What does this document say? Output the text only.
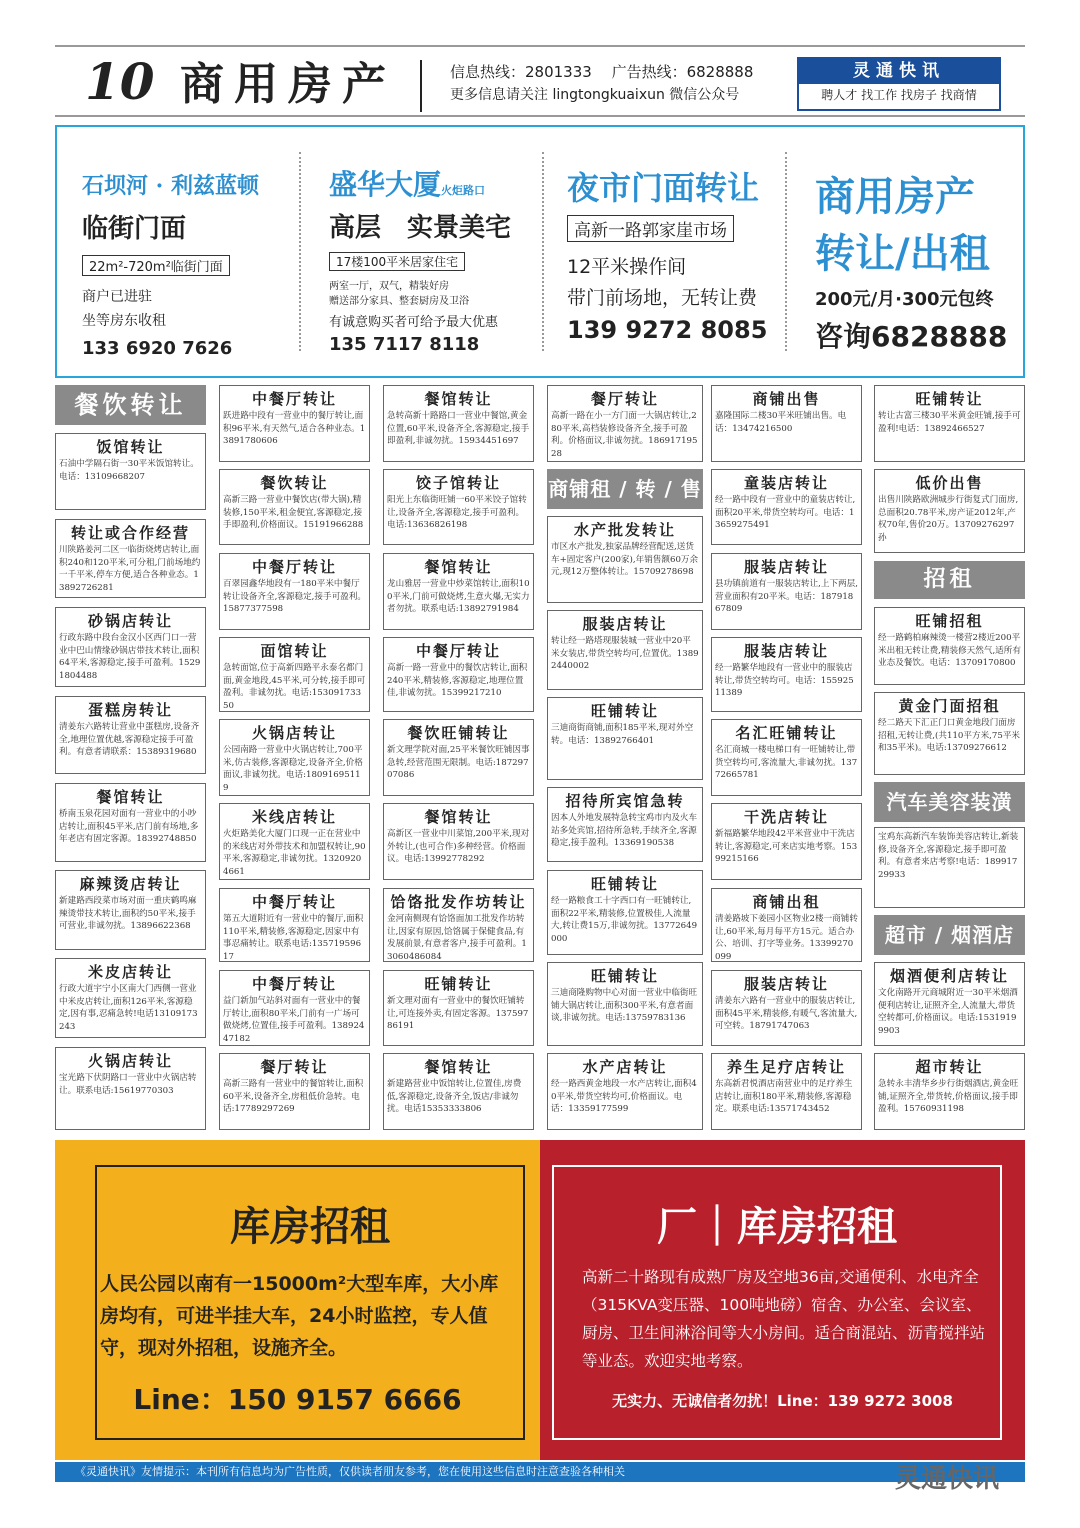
10 商用房产	信息热线：2801333　 广告热线：6828888
更多信息请关注 lingtongkuaixun 微信公众号
灵通快讯
聘人才 找工作 找房子 找商情
石坝河 · 利兹蓝顿
临街门面
22m²-720m²临街门面
商户已进驻
坐等房东收租
133 6920 7626
盛华大厦火炬路口
高层　实景美宅
17楼100平米居家住宅
两室一厅，双气，精装好房
赠送部分家具、整套厨房及卫浴
有诚意购买者可给予最大优惠
135 7117 8118
夜市门面转让
高新一路郭家崖市场
12平米操作间
带门前场地，无转让费
139 9272 8085
商用房产
转让/出租
200元/月·300元包终
咨询6828888
餐饮转让
商铺租 / 转 / 售
招租
汽车美容装潢
超市 / 烟酒店
饭馆转让
石油中学隔石街一30平米饭馆转让。电话：13109668207
转让或合作经营
川陕路姜河二区一临街烧烤店转让,面积240和120平米,可分租,门前场地约一千平米,停车方便,适合各种业态。13892726281
砂锅店转让
行政东路中段台金汉小区西门口一营业中巴山情缘砂锅店带技术转让,面积64平米,客源稳定,接手可盈利。15291804488
蛋糕房转让
清姜东六路转让营业中蛋糕房,设备齐全,地理位置优越,客源稳定接手可盈利。有意者请联系：15389319680
餐馆转让
桥南玉泉花园对面有一营业中的小吵店转让,面积45平米,店门前有场地,多年老店有固定客源。18392748850
麻辣烫店转让
新建路西段菜市场对面一重庆鹤鸣麻辣烫带技术转让,面积约50平米,接手可营业,非诚勿扰。13896622368
米皮店转让
行政大道宇宁小区南大门西侧一营业中米皮店转让,面积126平米,客源稳定,因有事,忍痛急转!电话13109173243
火锅店转让
宝光路下伏阴路口一营业中火锅店转让。联系电话:15619770303
中餐厅转让
跃进路中段有一营业中的餐厅转让,面积96平米,有天然气,适合各种业态。13891780606
餐饮转让
高新三路一营业中餐饮店(带大锅),精装修,150平米,租金便宜,客源稳定,接手即盈利,价格面议。15191966288
中餐厅转让
百翠园鑫华地段有一180平米中餐厅转让设备齐全,客源稳定,接手可盈利。15877377598
面馆转让
急转面馆,位于高新四路平永泰名都门面,黄金地段,45平米,可分转,接手即可盈利。非诚勿扰。电话:15309173350
火锅店转让
公园南路一营业中火锅店转让,700平米,仿古装修,客源稳定,设备齐全,价格面议,非诚勿扰。电话:18091695119
米线店转让
火炬路美化大厦门口现一正在营业中的米线店对外带技术和加盟权转让,90平米,客源稳定,非诚勿扰。13209204661
中餐厅转让
第五大道附近有一营业中的餐厅,面积110平米,精装修,客源稳定,因家中有事忍痛转让。联系电话:13571959617
中餐厅转让
益门新加气站斜对面有一营业中的餐厅转让,面积80平米,门前有一广场可做烧烤,位置佳,接手可盈利。13892447182
餐厅转让
高新三路有一营业中的餐馆转让,面积60平米,设备齐全,房租低价急转。电话:17789297269
餐馆转让
急转高新十路路口一营业中餐馆,黄金位置,60平米,设备齐全,客源稳定,接手即盈利,非诚勿扰。15934451697
饺子馆转让
阳光上东临街旺铺一60平米饺子馆转让,设备齐全,客源稳定,接手可盈利。电话:13636826198
餐馆转让
龙山雅居一营业中炒菜馆转让,面积100平米,门前可做烧烤,生意火爆,无实力者勿扰。联系电话:13892791984
中餐厅转让
高新一路一营业中的餐饮店转让,面积240平米,精装修,客源稳定,地理位置佳,非诚勿扰。15399217210
餐饮旺铺转让
新文理学院对面,25平米餐饮旺铺因事急转,经营范围无限制。电话:18729707086
餐馆转让
高新区一营业中川菜馆,200平米,现对外转让,(也可合作)多种经营。价格面议。电话:13992778292
饸饹批发作坊转让
金河南侧现有饸饹面加工批发作坊转让,因家有原因,饸饹属于保健食品,有发展前景,有意者客户,接手可盈利。13060486084
旺铺转让
新文理对面有一营业中的餐饮旺铺转让,可连接外卖,有固定客源。13759786191
餐馆转让
新建路营业中饭馆转让,位置佳,房费低,客源稳定,设备齐全,饭店/非诚勿扰。电话15353333806
餐厅转让
高新一路在小一方门面一大锅店转让,280平米,高档装修设备齐全,接手可盈利。价格面议,非诚勿扰。18691719528
水产批发转让
市区水产批发,独家品牌经营配送,送货车+固定客户(200家),年销售额60万余元,现12万整体转让。15709278698
服装店转让
转让经一路塔现服装城一营业中20平米女装店,带货空转均可,位置优。13892440002
旺铺转让
三迪商街商铺,面积185平米,现对外空转。电话：13892766401
招待所宾馆急转
因本人外地发展特急转宝鸡市内及火车站多处宾馆,招待所急转,手续齐全,客源稳定,接手盈利。13369190538
旺铺转让
经一路粮食工十字西口有一旺铺转让,面积22平米,精装修,位置极佳,人流量大,转让费15万,非诚勿扰。13772649000
旺铺转让
三迪商隆购物中心对面一营业中临街旺铺大锅店转让,面积300平米,有意者面谈,非诚勿扰。电话:13759783136
水产店转让
经一路西黄金地段一水产店转让,面积40平米,带货空转均可,价格面议。电话：13359177599
商铺出售
嘉隆国际二楼30平米旺铺出售。电话：13474216500
童装店转让
经一路中段有一营业中的童装店转让,面积20平米,带货空转均可。电话：13659275491
服装店转让
县功镇前道有一服装店转让,上下两层,营业面积有20平米。电话：18791867809
服装店转让
经一路繁华地段有一营业中的服装店转让,带货空转均可。电话：15592511389
名汇旺铺转让
名汇商城一楼电梯口有一旺铺转让,带货空转均可,客流量大,非诚勿扰。13772665781
干洗店转让
新福路繁华地段42平米营业中干洗店转让,客源稳定,可来店实地考察。15399215166
商铺出租
清姜路坡下姜园小区物业2楼一商铺转让,60平米,每月每平方15元。适合办公、培训、打字等业务。13399270099
服装店转让
清姜东六路有一营业中的服装店转让,面积45平米,精装修,有暖气,客流量大,可空转。18791747063
养生足疗店转让
东高新君悦酒店南营业中的足疗养生店转让,面积180平米,精装修,客源稳定。联系电话:13571743452
旺铺转让
转让古富三楼30平米黄金旺铺,接手可盈利!电话：13892466527
低价出售
出售川陕路欧洲城步行街复式门面房,总面积20.78平米,房产证2012年,产权70年,售价20万。13709276297 孙
旺铺招租
经一路鹤柏麻辣烫一楼营2楼近200平米出租无转让费,精装修天然气,适所有业态及餐饮。电话：13709170800
黄金门面招租
经二路天下汇正门口黄金地段门面房招租,无转让费,(共110平方米,75平米和35平米)。电话:13709276612
宝鸡东高新汽车装饰美容店转让,新装修,设备齐全,客源稳定,接手即可盈利。有意者来店考察!电话：18991729933
烟酒便利店转让
文化南路开元商城附近一30平米烟酒便利店转让,证照齐全,人流量大,带货空转都可,价格面议。电话:15319199903
超市转让
急转永丰清华乡步行街烟酒店,黄金旺铺,证照齐全,带货转,价格面议,接手即盈利。15760931198
库房招租
人民公园以南有一15000m²大型车库，大小库房均有，可进半挂大车，24小时监控，专人值守，现对外招租，设施齐全。
Line：150 9157 6666
厂｜库房招租
高新二十路现有成熟厂房及空地36亩,交通便利、水电齐全（315KVA变压器、100吨地磅）宿舍、办公室、会议室、厨房、卫生间淋浴间等大小房间。适合商混站、沥青搅拌站等业态。欢迎实地考察。
无实力、无诚信者勿扰！Line：139 9272 3008
《灵通快讯》友情提示：本刊所有信息均为广告性质，仅供读者朋友参考，您在使用这些信息时注意查验各种相关	灵通快讯
